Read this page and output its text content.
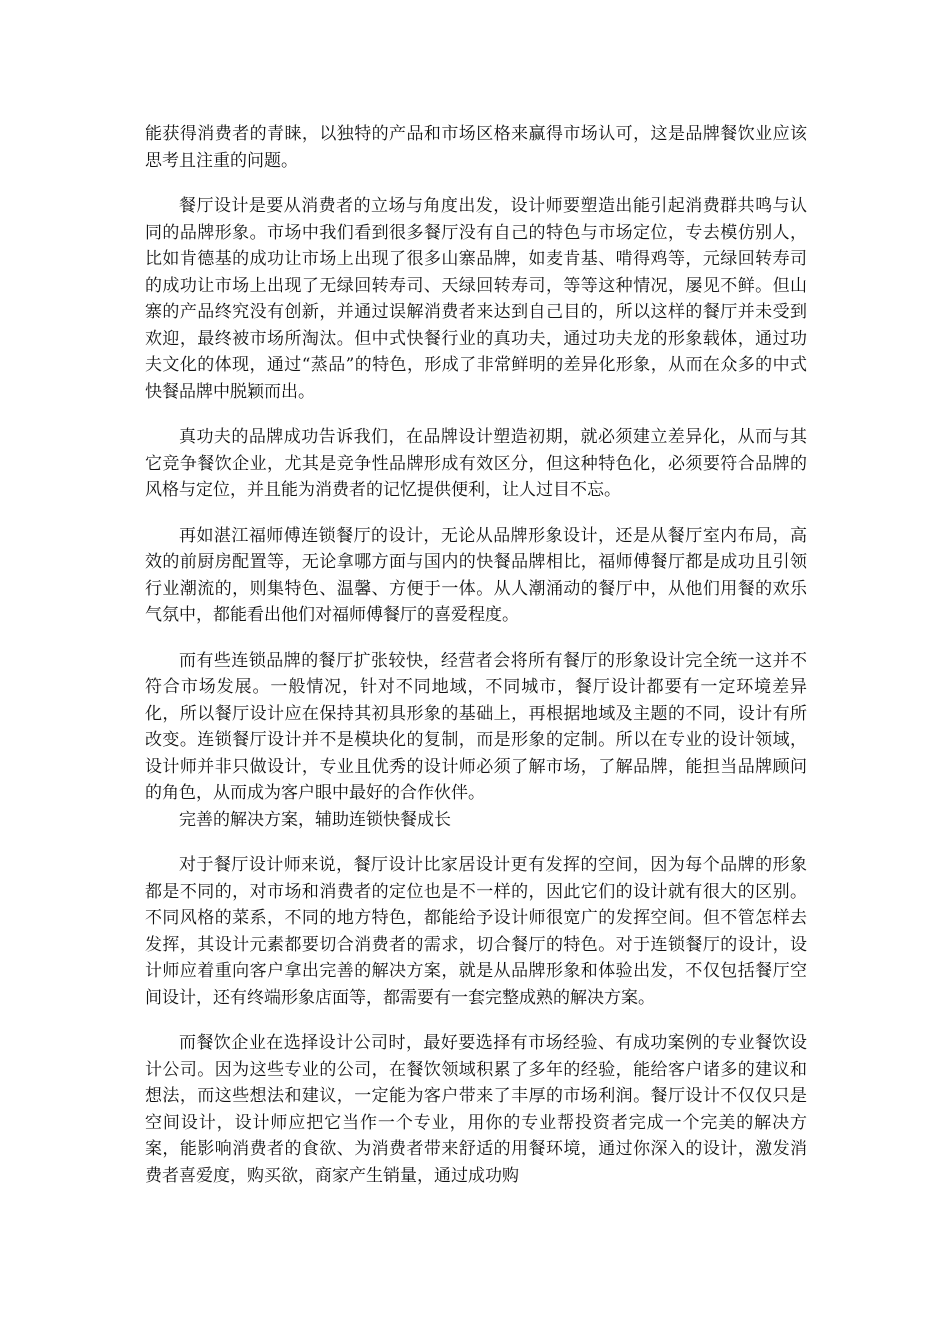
能获得消费者的青睐，以独特的产品和市场区格来赢得市场认可，这是品牌餐饮业应该思考且注重的问题。

餐厅设计是要从消费者的立场与角度出发，设计师要塑造出能引起消费群共鸣与认同的品牌形象。市场中我们看到很多餐厅没有自己的特色与市场定位，专去模仿别人，比如肯德基的成功让市场上出现了很多山寨品牌，如麦肯基、啃得鸡等，元绿回转寿司的成功让市场上出现了无绿回转寿司、天绿回转寿司，等等这种情况，屡见不鲜。但山寨的产品终究没有创新，并通过误解消费者来达到自己目的，所以这样的餐厅并未受到欢迎，最终被市场所淘汰。但中式快餐行业的真功夫，通过功夫龙的形象载体，通过功夫文化的体现，通过“蒸品”的特色，形成了非常鲜明的差异化形象，从而在众多的中式快餐品牌中脱颖而出。

真功夫的品牌成功告诉我们，在品牌设计塑造初期，就必须建立差异化，从而与其它竞争餐饮企业，尤其是竞争性品牌形成有效区分，但这种特色化，必须要符合品牌的风格与定位，并且能为消费者的记忆提供便利，让人过目不忘。

再如湛江福师傅连锁餐厅的设计，无论从品牌形象设计，还是从餐厅室内布局，高效的前厨房配置等，无论拿哪方面与国内的快餐品牌相比，福师傅餐厅都是成功且引领行业潮流的，则集特色、温馨、方便于一体。从人潮涌动的餐厅中，从他们用餐的欢乐气氛中，都能看出他们对福师傅餐厅的喜爱程度。

而有些连锁品牌的餐厅扩张较快，经营者会将所有餐厅的形象设计完全统一这并不符合市场发展。一般情况，针对不同地域，不同城市，餐厅设计都要有一定环境差异化，所以餐厅设计应在保持其初具形象的基础上，再根据地域及主题的不同，设计有所改变。连锁餐厅设计并不是模块化的复制，而是形象的定制。所以在专业的设计领域，设计师并非只做设计，专业且优秀的设计师必须了解市场，了解品牌，能担当品牌顾问的角色，从而成为客户眼中最好的合作伙伴。

完善的解决方案，辅助连锁快餐成长

对于餐厅设计师来说，餐厅设计比家居设计更有发挥的空间，因为每个品牌的形象都是不同的，对市场和消费者的定位也是不一样的，因此它们的设计就有很大的区别。不同风格的菜系，不同的地方特色，都能给予设计师很宽广的发挥空间。但不管怎样去发挥，其设计元素都要切合消费者的需求，切合餐厅的特色。对于连锁餐厅的设计，设计师应着重向客户拿出完善的解决方案，就是从品牌形象和体验出发，不仅包括餐厅空间设计，还有终端形象店面等，都需要有一套完整成熟的解决方案。

而餐饮企业在选择设计公司时，最好要选择有市场经验、有成功案例的专业餐饮设计公司。因为这些专业的公司，在餐饮领域积累了多年的经验，能给客户诸多的建议和想法，而这些想法和建议，一定能为客户带来了丰厚的市场利润。餐厅设计不仅仅只是空间设计，设计师应把它当作一个专业，用你的专业帮投资者完成一个完美的解决方案，能影响消费者的食欲、为消费者带来舒适的用餐环境，通过你深入的设计，激发消费者喜爱度，购买欲，商家产生销量，通过成功购
